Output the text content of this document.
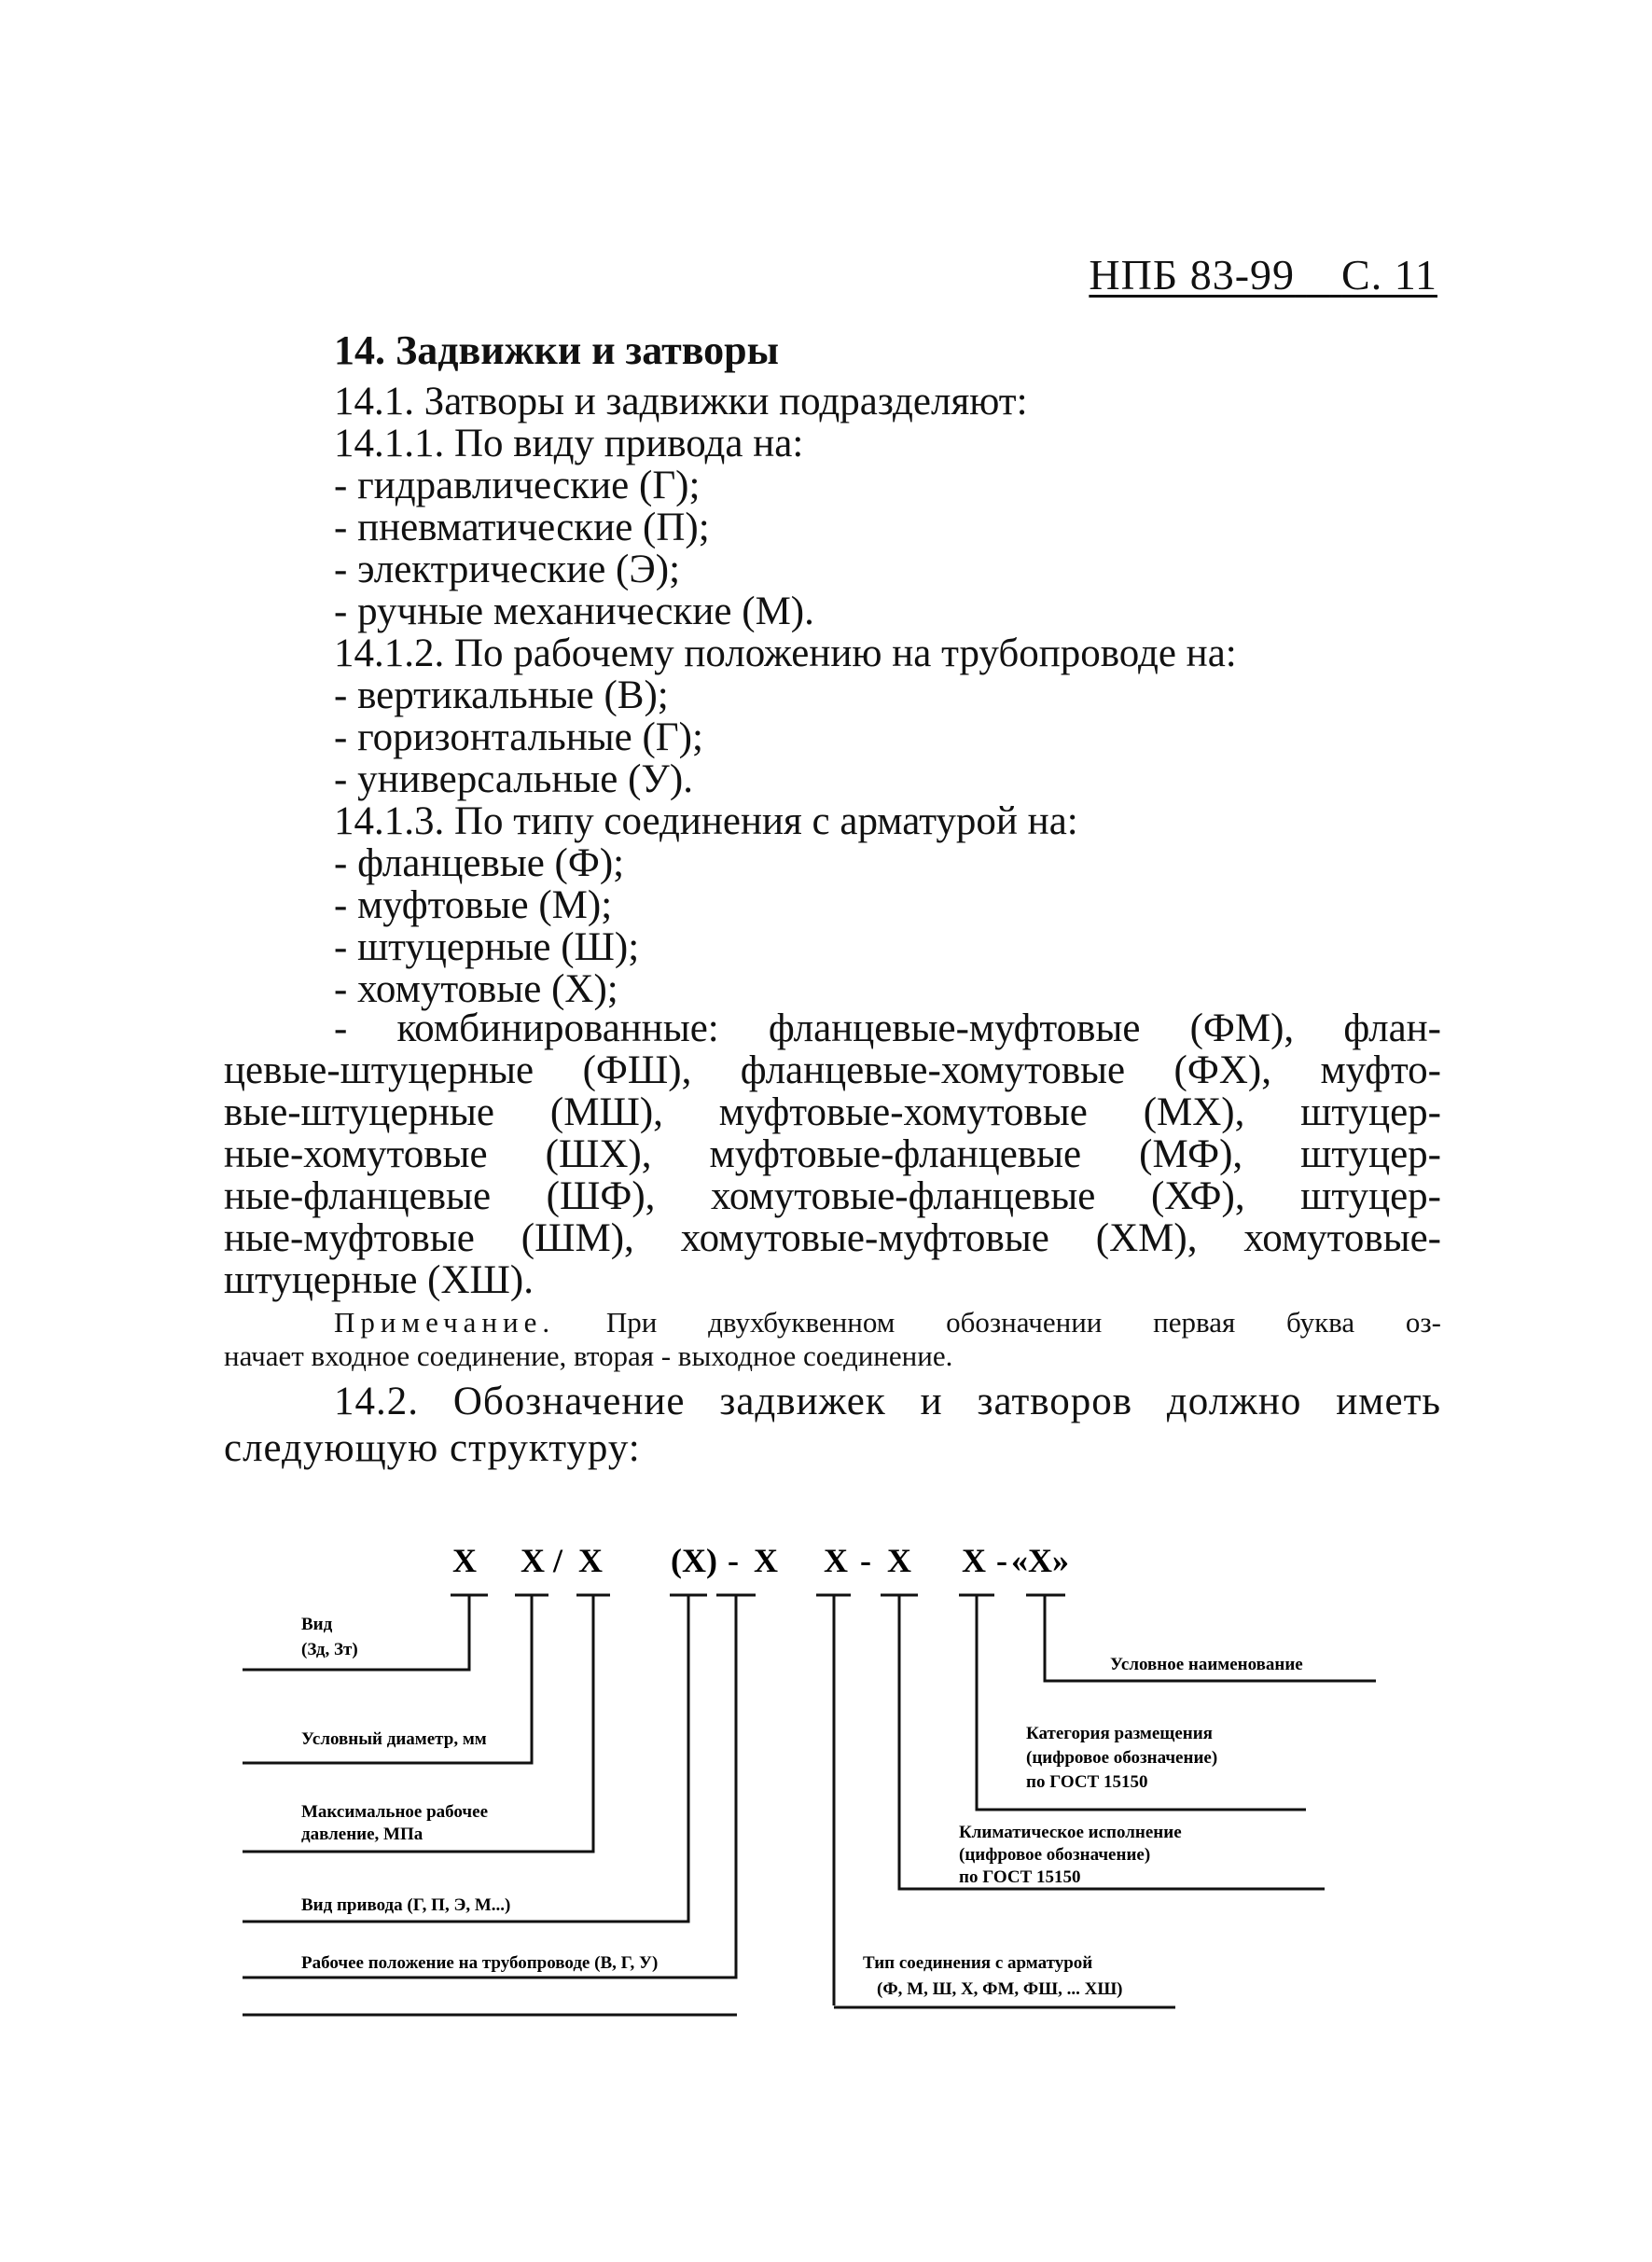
НПБ 83-99 С. 11
14. Задвижки и затворы
14.1. Затворы и задвижки подразделяют:
14.1.1. По виду привода на:
- гидравлические (Г);
- пневматические (П);
- электрические (Э);
- ручные механические (М).
14.1.2. По рабочему положению на трубопроводе на:
- вертикальные (В);
- горизонтальные (Г);
- универсальные (У).
14.1.3. По типу соединения с арматурой на:
- фланцевые (Ф);
- муфтовые (М);
- штуцерные (Ш);
- хомутовые (Х);
- комбинированные: фланцевые-муфтовые (ФМ), флан-
цевые-штуцерные (ФШ), фланцевые-хомутовые (ФХ), муфто-
вые-штуцерные (МШ), муфтовые-хомутовые (МХ), штуцер-
ные-хомутовые (ШХ), муфтовые-фланцевые (МФ), штуцер-
ные-фланцевые (ШФ), хомутовые-фланцевые (ХФ), штуцер-
ные-муфтовые (ШМ), хомутовые-муфтовые (ХМ), хомутовые-
штуцерные (ХШ).
Примечание. При двухбуквенном обозначении первая буква оз-
начает входное соединение, вторая - выходное соединение.
14.2. Обозначение задвижек и затворов должно иметь
следующую структуру:
Х Х / Х (Х) - Х Х - Х Х - «Х»
Вид
(Зд, Зт)
Условный диаметр, мм
Максимальное рабочее
давление, МПа
Вид привода (Г, П, Э, М...)
Рабочее положение на трубопроводе (В, Г, У)
Условное наименование
Категория размещения
(цифровое обозначение)
по ГОСТ 15150
Климатическое исполнение
(цифровое обозначение)
по ГОСТ 15150
Тип соединения с арматурой
(Ф, М, Ш, Х, ФМ, ФШ, ... ХШ)
